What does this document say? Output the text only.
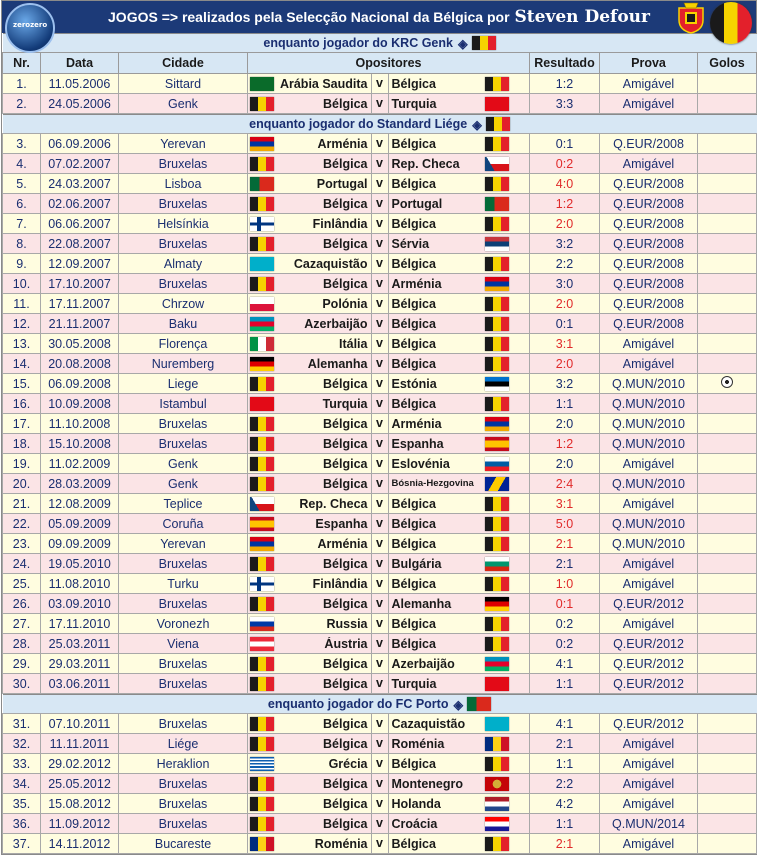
zerozero	JOGOS => realizados pela Selecção Nacional da Bélgica por Steven Defour
enquanto jogador do KRC Genk ◈						

Nr.	Data	Cidade	Opositores	Resultado	Prova	Golos
1.	11.05.2006	Sittard	Arábia Saudita v Bélgica	1:2	Amigável	
2.	24.05.2006	Genk	Bélgica v Turquia	3:3	Amigável	

enquanto jogador do Standard Liége ◈						

3.	06.09.2006	Yerevan	Arménia v Bélgica	0:1	Q.EUR/2008	
4.	07.02.2007	Bruxelas	Bélgica v Rep. Checa	0:2	Amigável	
5.	24.03.2007	Lisboa	Portugal v Bélgica	4:0	Q.EUR/2008	
6.	02.06.2007	Bruxelas	Bélgica v Portugal	1:2	Q.EUR/2008	
7.	06.06.2007	Helsínkia	Finlândia v Bélgica	2:0	Q.EUR/2008	
8.	22.08.2007	Bruxelas	Bélgica v Sérvia	3:2	Q.EUR/2008	
9.	12.09.2007	Almaty	Cazaquistão v Bélgica	2:2	Q.EUR/2008	
10.	17.10.2007	Bruxelas	Bélgica v Arménia	3:0	Q.EUR/2008	
11.	17.11.2007	Chrzow	Polónia v Bélgica	2:0	Q.EUR/2008	
12.	21.11.2007	Baku	Azerbaijão v Bélgica	0:1	Q.EUR/2008	
13.	30.05.2008	Florença	Itália v Bélgica	3:1	Amigável	
14.	20.08.2008	Nuremberg	Alemanha v Bélgica	2:0	Amigável	
15.	06.09.2008	Liege	Bélgica v Estónia	3:2	Q.MUN/2010	
16.	10.09.2008	Istambul	Turquia v Bélgica	1:1	Q.MUN/2010	
17.	11.10.2008	Bruxelas	Bélgica v Arménia	2:0	Q.MUN/2010	
18.	15.10.2008	Bruxelas	Bélgica v Espanha	1:2	Q.MUN/2010	
19.	11.02.2009	Genk	Bélgica v Eslovénia	2:0	Amigável	
20.	28.03.2009	Genk	Bélgica v Bósnia-Hezgovina	2:4	Q.MUN/2010	
21.	12.08.2009	Teplice	Rep. Checa v Bélgica	3:1	Amigável	
22.	05.09.2009	Coruña	Espanha v Bélgica	5:0	Q.MUN/2010	
23.	09.09.2009	Yerevan	Arménia v Bélgica	2:1	Q.MUN/2010	
24.	19.05.2010	Bruxelas	Bélgica v Bulgária	2:1	Amigável	
25.	11.08.2010	Turku	Finlândia v Bélgica	1:0	Amigável	
26.	03.09.2010	Bruxelas	Bélgica v Alemanha	0:1	Q.EUR/2012	
27.	17.11.2010	Voronezh	Russia v Bélgica	0:2	Amigável	
28.	25.03.2011	Viena	Áustria v Bélgica	0:2	Q.EUR/2012	
29.	29.03.2011	Bruxelas	Bélgica v Azerbaijão	4:1	Q.EUR/2012	
30.	03.06.2011	Bruxelas	Bélgica v Turquia	1:1	Q.EUR/2012	

enquanto jogador do FC Porto ◈						

31.	07.10.2011	Bruxelas	Bélgica v Cazaquistão	4:1	Q.EUR/2012	
32.	11.11.2011	Liége	Bélgica v Roménia	2:1	Amigável	
33.	29.02.2012	Heraklion	Grécia v Bélgica	1:1	Amigável	
34.	25.05.2012	Bruxelas	Bélgica v Montenegro	2:2	Amigável	
35.	15.08.2012	Bruxelas	Bélgica v Holanda	4:2	Amigável	
36.	11.09.2012	Bruxelas	Bélgica v Croácia	1:1	Q.MUN/2014	
37.	14.11.2012	Bucareste	Roménia v Bélgica	2:1	Amigável	
